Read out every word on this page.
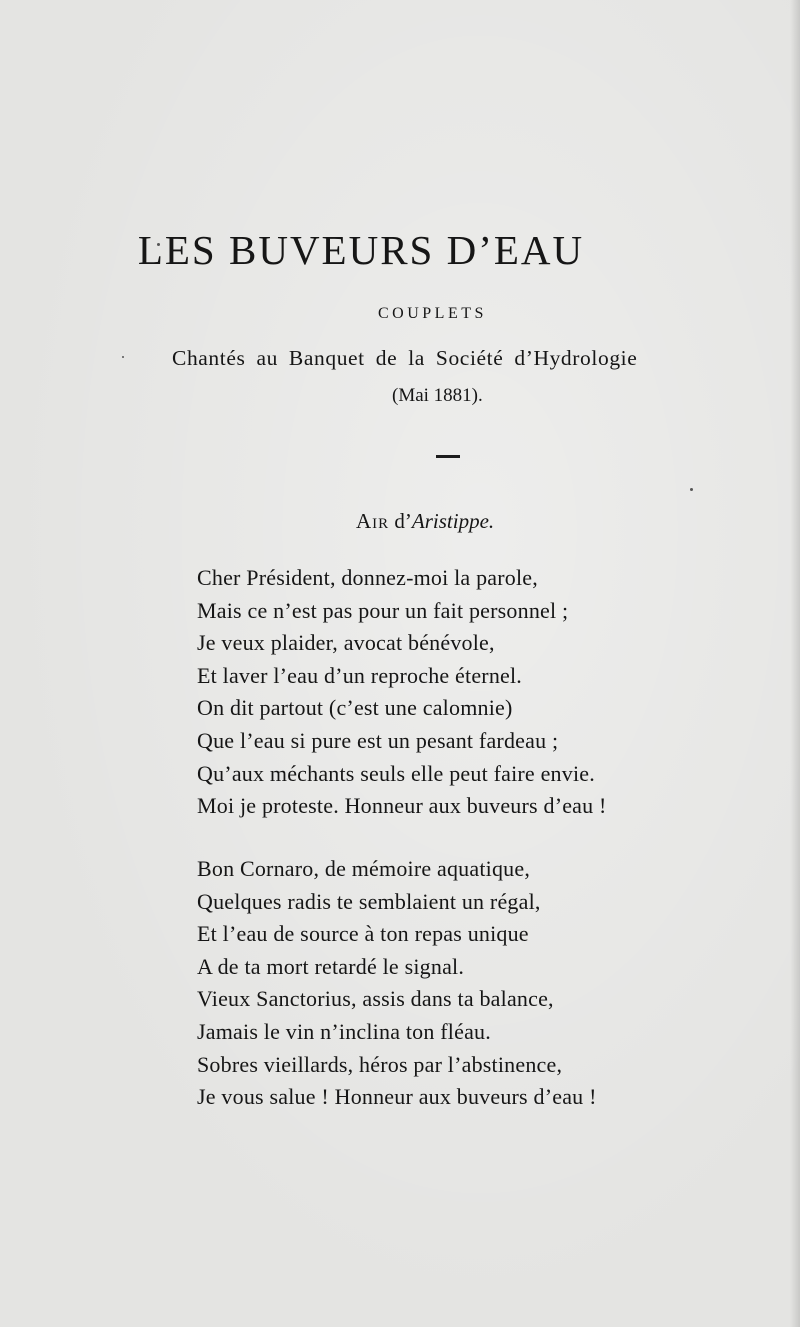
LES BUVEURS D’EAU
COUPLETS
Chantés au Banquet de la Société d’Hydrologie
(Mai 1881).
Air d’Aristippe.
Cher Président, donnez-moi la parole,
Mais ce n’est pas pour un fait personnel ;
Je veux plaider, avocat bénévole,
Et laver l’eau d’un reproche éternel.
On dit partout (c’est une calomnie)
Que l’eau si pure est un pesant fardeau ;
Qu’aux méchants seuls elle peut faire envie.
Moi je proteste. Honneur aux buveurs d’eau !
Bon Cornaro, de mémoire aquatique,
Quelques radis te semblaient un régal,
Et l’eau de source à ton repas unique
A de ta mort retardé le signal.
Vieux Sanctorius, assis dans ta balance,
Jamais le vin n’inclina ton fléau.
Sobres vieillards, héros par l’abstinence,
Je vous salue ! Honneur aux buveurs d’eau !
